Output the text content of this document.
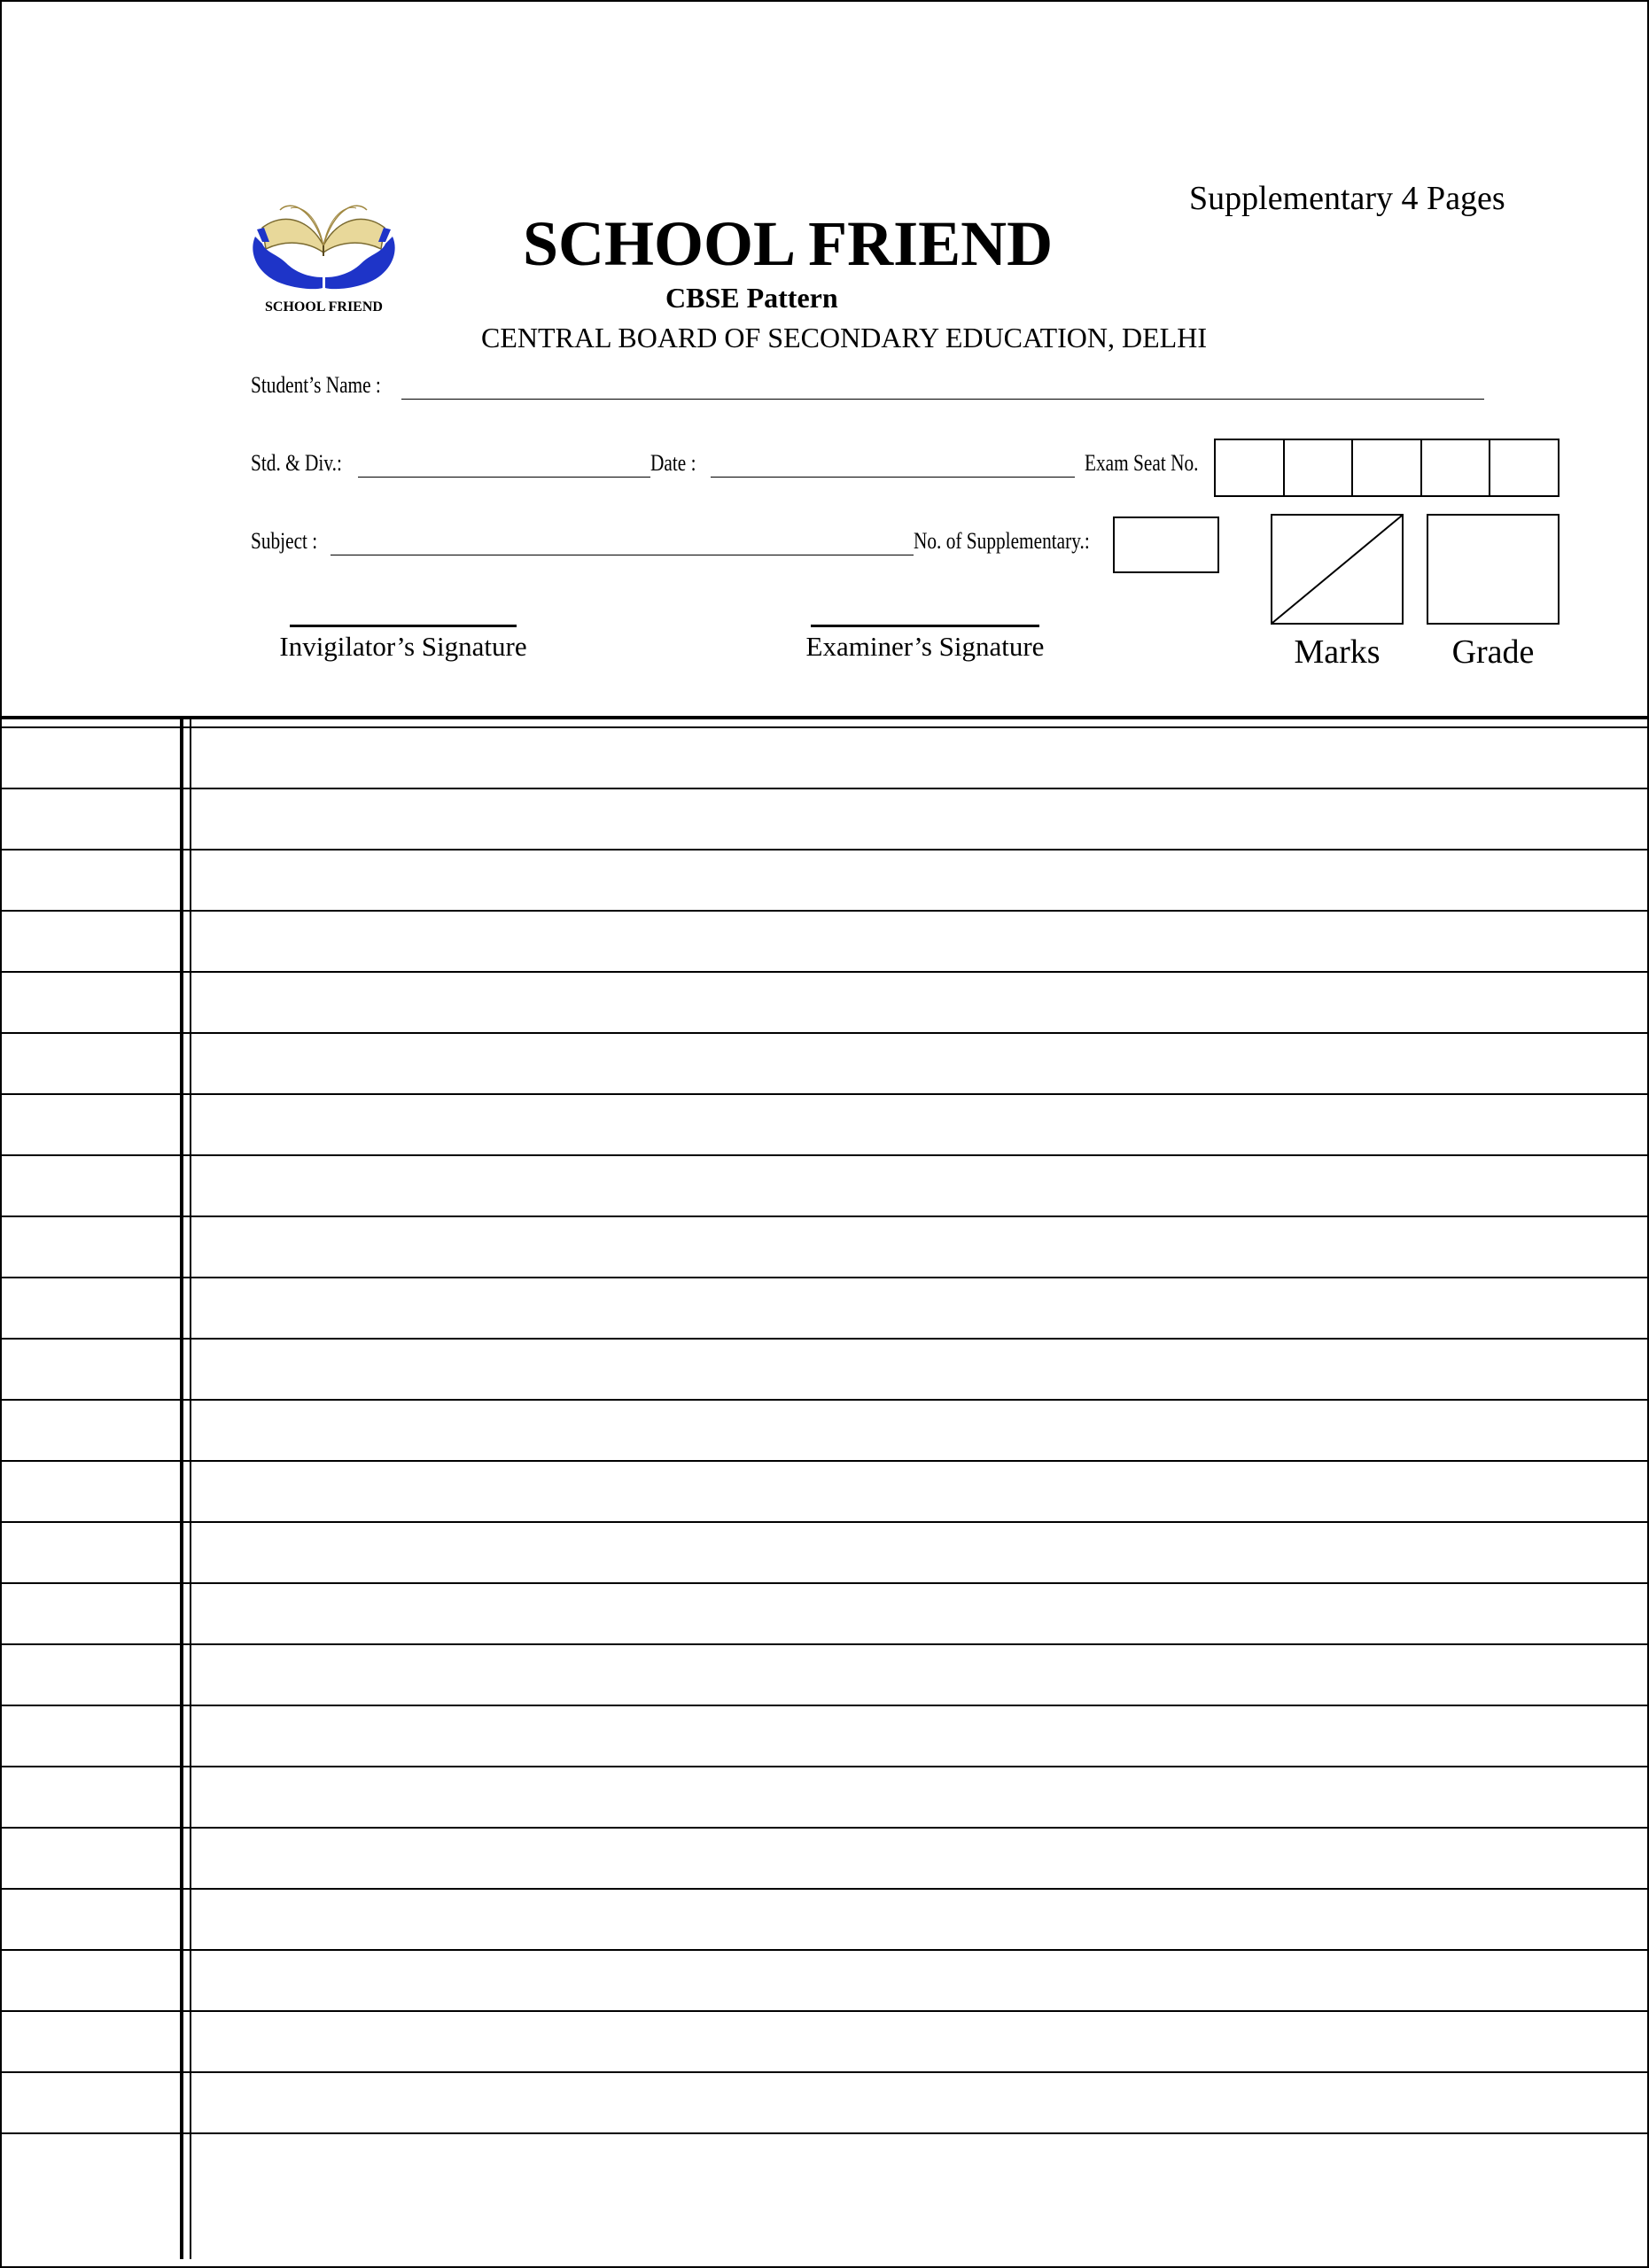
Supplementary 4 Pages
SCHOOL FRIEND
SCHOOL FRIEND
CBSE Pattern
CENTRAL BOARD OF SECONDARY EDUCATION, DELHI
Student’s Name :
Std. & Div.:	Date :	Exam Seat No.
Subject :	No. of Supplementary.:
Marks	Grade
Invigilator’s Signature	Examiner’s Signature
